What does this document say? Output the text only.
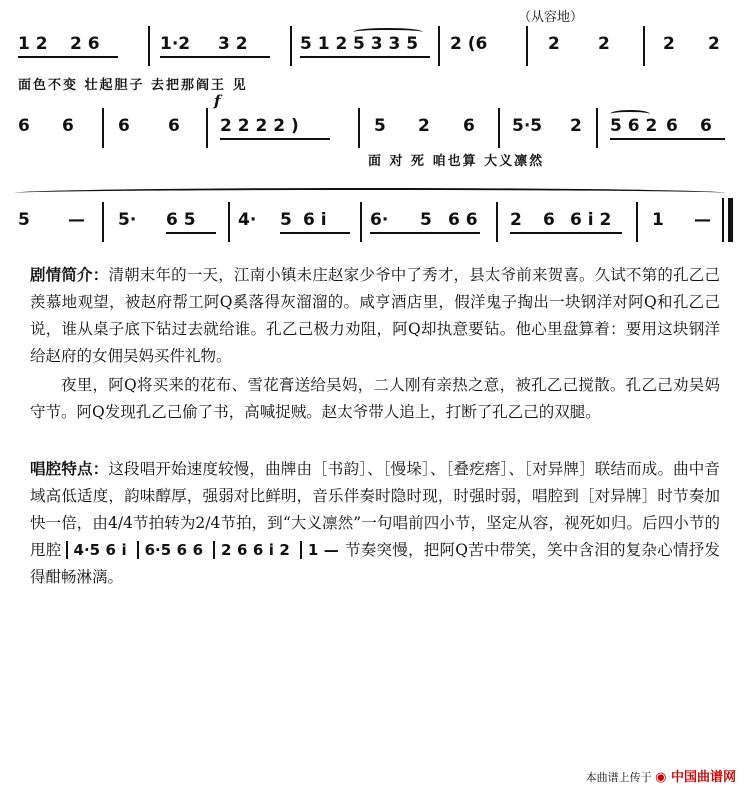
（从容地）
1 2 2 6	1·2 3 2	5 1 2 5 3 3 5 2 (6	2 2	2 2
面色不变 壮起胆子 去把那阎王 见
f
6 6	6 6 2 2 2 2 )	5 2 6 5·5 2 5 6 2 6 6
面 对 死 咱也算 大义凛然
5 — 5· 6 5 4· 5 6 i	6· 5 6 6 2 6 6 i 2 1 —
剧情简介：清朝末年的一天，江南小镇未庄赵家少爷中了秀才，县太爷前来贺喜。久试不第的孔乙己羡慕地观望，被赵府帮工阿Q奚落得灰溜溜的。咸亨酒店里，假洋鬼子掏出一块钢洋对阿Q和孔乙己说，谁从桌子底下钻过去就给谁。孔乙己极力劝阻，阿Q却执意要钻。他心里盘算着：要用这块钢洋给赵府的女佣吴妈买件礼物。
夜里，阿Q将买来的花布、雪花膏送给吴妈，二人刚有亲热之意，被孔乙己搅散。孔乙己劝吴妈守节。阿Q发现孔乙己偷了书，高喊捉贼。赵太爷带人追上，打断了孔乙己的双腿。
唱腔特点：这段唱开始速度较慢，曲牌由［书韵］、［慢垛］、［叠疙瘩］、［对异牌］联结而成。曲中音域高低适度，韵味醇厚，强弱对比鲜明，音乐伴奏时隐时现，时强时弱，唱腔到［对异牌］时节奏加快一倍，由4/4节拍转为2/4节拍，到“大义凛然”一句唱前四小节，坚定从容，视死如归。后四小节的甩腔 4·5 6 i 6·5 6 6 2 6 6 i 2 1 — 节奏突慢，把阿Q苦中带笑，笑中含泪的复杂心情抒发得酣畅淋漓。
本曲谱上传于 ◉ 中国曲谱网
